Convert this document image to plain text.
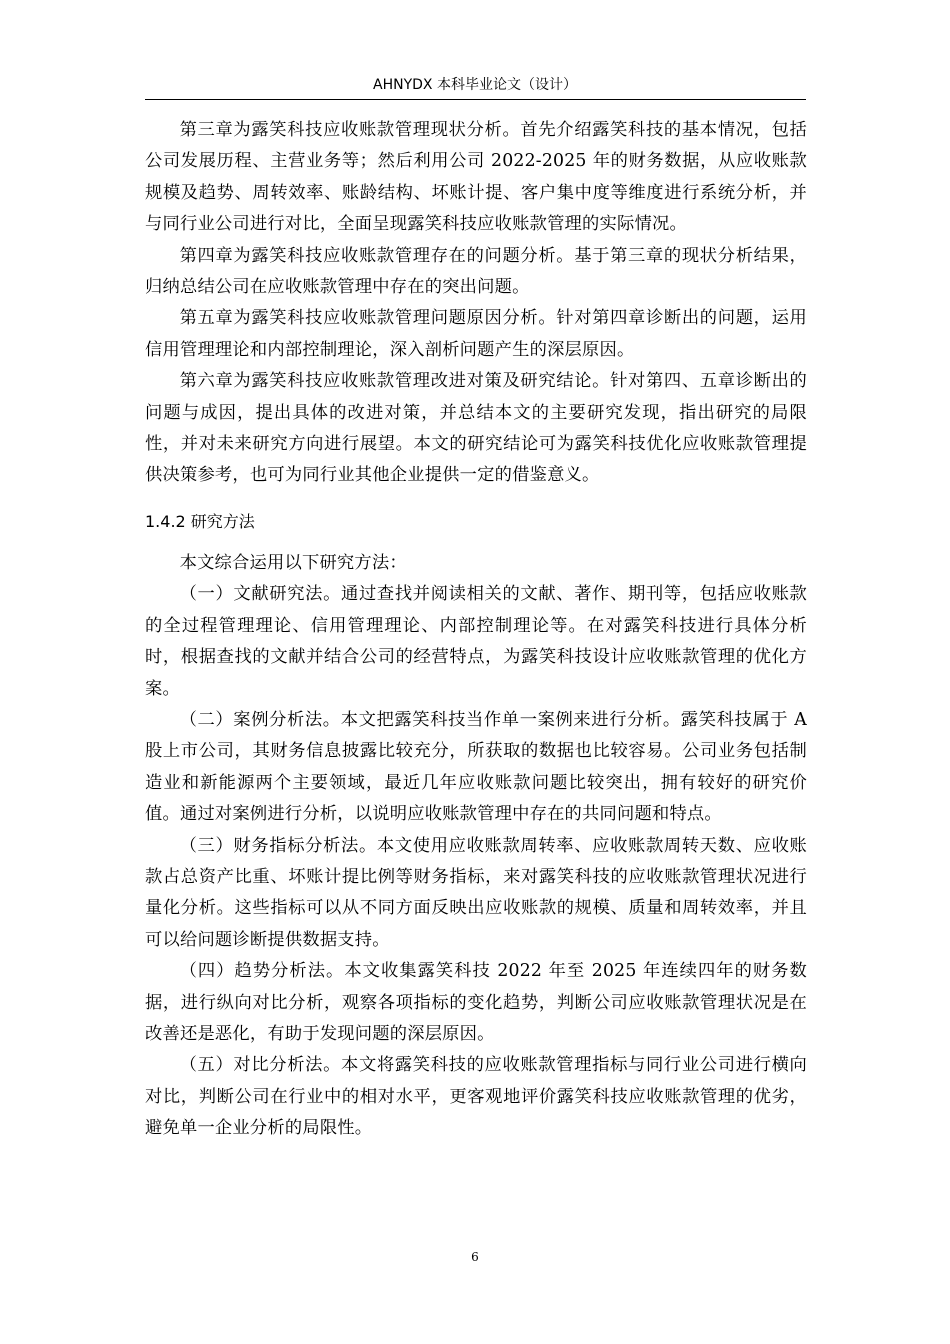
AHNYDX 本科毕业论文（设计）

第三章为露笑科技应收账款管理现状分析。首先介绍露笑科技的基本情况，包括公司发展历程、主营业务等；然后利用公司 2022-2025 年的财务数据，从应收账款规模及趋势、周转效率、账龄结构、坏账计提、客户集中度等维度进行系统分析，并与同行业公司进行对比，全面呈现露笑科技应收账款管理的实际情况。

第四章为露笑科技应收账款管理存在的问题分析。基于第三章的现状分析结果，归纳总结公司在应收账款管理中存在的突出问题。

第五章为露笑科技应收账款管理问题原因分析。针对第四章诊断出的问题，运用信用管理理论和内部控制理论，深入剖析问题产生的深层原因。

第六章为露笑科技应收账款管理改进对策及研究结论。针对第四、五章诊断出的问题与成因，提出具体的改进对策，并总结本文的主要研究发现，指出研究的局限性，并对未来研究方向进行展望。本文的研究结论可为露笑科技优化应收账款管理提供决策参考，也可为同行业其他企业提供一定的借鉴意义。

1.4.2 研究方法

本文综合运用以下研究方法：

（一）文献研究法。通过查找并阅读相关的文献、著作、期刊等，包括应收账款的全过程管理理论、信用管理理论、内部控制理论等。在对露笑科技进行具体分析时，根据查找的文献并结合公司的经营特点，为露笑科技设计应收账款管理的优化方案。

（二）案例分析法。本文把露笑科技当作单一案例来进行分析。露笑科技属于 A 股上市公司，其财务信息披露比较充分，所获取的数据也比较容易。公司业务包括制造业和新能源两个主要领域，最近几年应收账款问题比较突出，拥有较好的研究价值。通过对案例进行分析，以说明应收账款管理中存在的共同问题和特点。

（三）财务指标分析法。本文使用应收账款周转率、应收账款周转天数、应收账款占总资产比重、坏账计提比例等财务指标，来对露笑科技的应收账款管理状况进行量化分析。这些指标可以从不同方面反映出应收账款的规模、质量和周转效率，并且可以给问题诊断提供数据支持。

（四）趋势分析法。本文收集露笑科技 2022 年至 2025 年连续四年的财务数据，进行纵向对比分析，观察各项指标的变化趋势，判断公司应收账款管理状况是在改善还是恶化，有助于发现问题的深层原因。

（五）对比分析法。本文将露笑科技的应收账款管理指标与同行业公司进行横向对比，判断公司在行业中的相对水平，更客观地评价露笑科技应收账款管理的优劣，避免单一企业分析的局限性。

6
